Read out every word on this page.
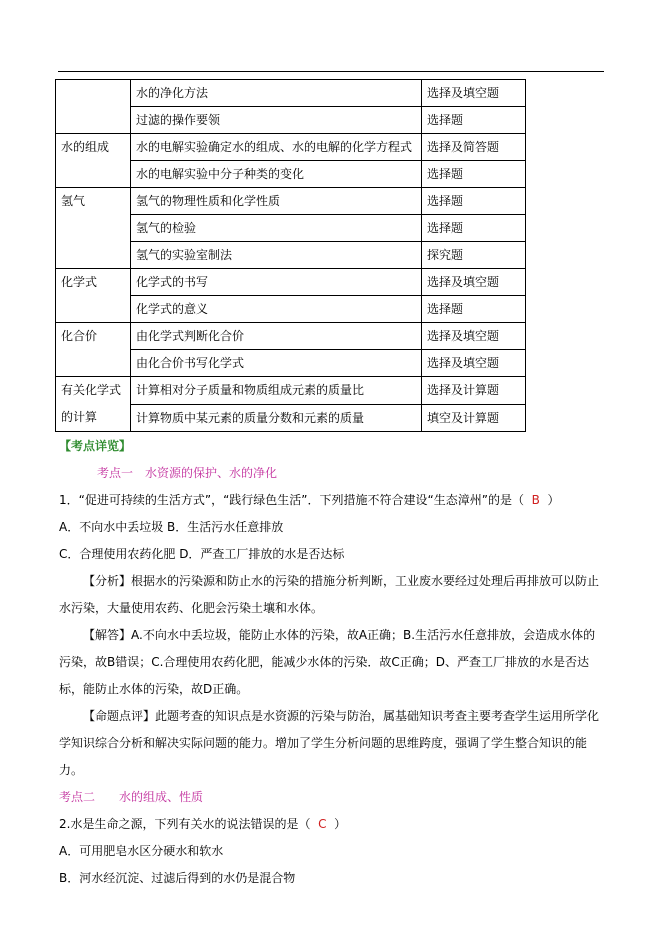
	水的净化方法	选择及填空题
	过滤的操作要领	选择题
水的组成	水的电解实验确定水的组成、水的电解的化学方程式	选择及简答题
	水的电解实验中分子种类的变化	选择题
氢气	氢气的物理性质和化学性质	选择题
	氢气的检验	选择题
	氢气的实验室制法	探究题
化学式	化学式的书写	选择及填空题
	化学式的意义	选择题
化合价	由化学式判断化合价	选择及填空题
	由化合价书写化学式	选择及填空题
有关化学式的计算	计算相对分子质量和物质组成元素的质量比	选择及计算题
	计算物质中某元素的质量分数和元素的质量	填空及计算题
【考点详览】
考点一　水资源的保护、水的净化
1．“促进可持续的生活方式”，“践行绿色生活”．下列措施不符合建设“生态漳州”的是（ B ）
A．不向水中丢垃圾 B．生活污水任意排放
C．合理使用农药化肥 D．严查工厂排放的水是否达标
【分析】根据水的污染源和防止水的污染的措施分析判断，工业废水要经过处理后再排放可以防止水污染，大量使用农药、化肥会污染土壤和水体。
【解答】A.不向水中丢垃圾，能防止水体的污染，故A正确；B.生活污水任意排放，会造成水体的污染，故B错误；C.合理使用农药化肥，能减少水体的污染．故C正确；D、严查工厂排放的水是否达标，能防止水体的污染，故D正确。
【命题点评】此题考查的知识点是水资源的污染与防治，属基础知识考查主要考查学生运用所学化学知识综合分析和解决实际问题的能力。增加了学生分析问题的思维跨度，强调了学生整合知识的能力。
考点二　　水的组成、性质
2.水是生命之源，下列有关水的说法错误的是（ C ）
A．可用肥皂水区分硬水和软水
B．河水经沉淀、过滤后得到的水仍是混合物
